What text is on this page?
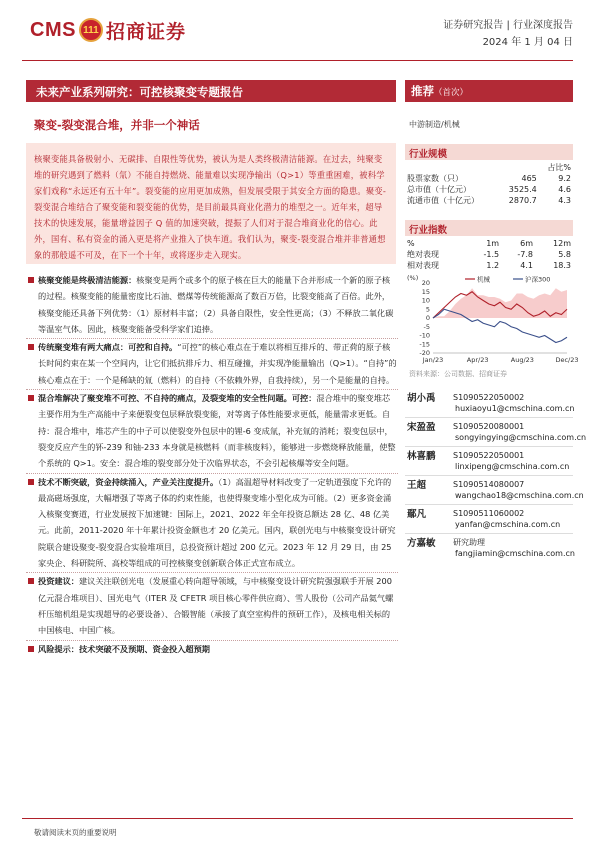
CMS 111 招商证券	证券研究报告 | 行业深度报告
2024 年 1 月 04 日
未来产业系列研究：可控核聚变专题报告
聚变-裂变混合堆，并非一个神话
核聚变能具备极射小、无碳排、自限性等优势，被认为是人类终极清洁能源。在过去，纯聚变堆的研究遇到了燃料（氚）不能自持燃烧、能量难以实现净输出（Q>1）等重重困难，被科学家们戏称“永远还有五十年”。裂变能的应用更加成熟，但发展受限于其安全方面的隐患。聚变-裂变混合堆结合了聚变能和裂变能的优势，是目前最具商业化潜力的堆型之一。近年来，超导技术的快速发展，能量增益因子 Q 值的加速突破，提振了人们对于混合堆商业化的信心。此外，国有、私有资金的涌入更是将产业推入了快车道。我们认为，聚变-裂变混合堆并非普通想象的那般遥不可及，在下一个十年，或将逐步走入现实。
核聚变能是终极清洁能源：核聚变是两个或多个的原子核在巨大的能量下合并形成一个新的原子核的过程。核聚变能的能量密度比石油、燃煤等传统能源高了数百万倍，比裂变能高了百倍。此外，核聚变能还具备下列优势：（1）原材料丰富；（2）具备自限性，安全性更高；（3）不释放二氧化碳等温室气体。因此，核聚变能备受科学家们追捧。
传统聚变堆有两大痛点：可控和自持。“可控”的核心难点在于难以将相互排斥的、带正荷的原子核长时间约束在某一个空间内，让它们抵抗排斥力、相互碰撞，并实现净能量输出（Q>1）。“自持”的核心难点在于：一个是稀缺的氚（燃料）的自持（不依赖外界，自我持续），另一个是能量的自持。
混合堆解决了聚变堆不可控、不自持的痛点，及裂变堆的安全性问题。可控：混合堆中的聚变堆芯主要作用为生产高能中子来便裂变包层释放裂变能，对等离子体性能要求更低，能量需求更低。自持：混合堆中，堆芯产生的中子可以使裂变外包层中的锂-6 变成氚，补充氚的消耗；裂变包层中，裂变反应产生的钚-239 和铀-233 本身就是核燃料（而非核废料），能够进一步燃烧释放能量，使整个系统的 Q>1。安全：混合堆的裂变部分处于次临界状态，不会引起核爆等安全问题。
技术不断突破，资金持续涌入，产业关注度提升。（1）高温超导材料改变了一定轨道强度下允许的最高磁场强度，大幅增强了等离子体的约束性能，也使得聚变堆小型化成为可能。（2）更多资金涌入核聚变赛道，行业发展按下加速键：国际上，2021、2022 年全年投资总额达 28 亿、48 亿美元。此前，2011-2020 年十年累计投资金额也才 20 亿美元。国内，联创光电与中核聚变设计研究院联合建设聚变-裂变混合实验堆项目，总投资预计超过 200 亿元。2023 年 12 月 29 日，由 25 家央企、科研院所、高校等组成的可控核聚变创新联合体正式宣布成立。
投资建议：建议关注联创光电（发展重心转向超导领域，与中核聚变设计研究院强强联手开展 200 亿元混合堆项目）、国光电气（ITER 及 CFETR 项目核心零件供应商）、雪人股份（公司产品氦气螺杆压缩机组是实现超导的必要设备）、合锻智能（承接了真空室构件的预研工作），及核电相关标的中国核电、中国广核。
风险提示：技术突破不及预期、资金投入超预期
推荐（首次）
中游制造/机械
行业规模
		占比%
股票家数（只）	465	9.2
总市值（十亿元）	3525.4	4.6
流通市值（十亿元）	2870.7	4.3
行业指数
%	1m	6m	12m
绝对表现	-1.5	-7.8	5.8
相对表现	1.2	4.1	18.3
(%)
20
15
10
5
0
-5
-10
-15
-20
Jan/23	Apr/23	Aug/23	Dec/23
机械	沪深300
资料来源：公司数据、招商证券
胡小禹	S1090522050002
huxiaoyu1@cmschina.com.cn
宋盈盈	S1090520080001
songyingying@cmschina.com.cn
林喜鹏	S1090522050001
linxipeng@cmschina.com.cn
王超	S1090514080007
wangchao18@cmschina.com.cn
鄢凡	S1090511060002
yanfan@cmschina.com.cn
方嘉敏	研究助理
fangjiamin@cmschina.com.cn
敬请阅读末页的重要说明
